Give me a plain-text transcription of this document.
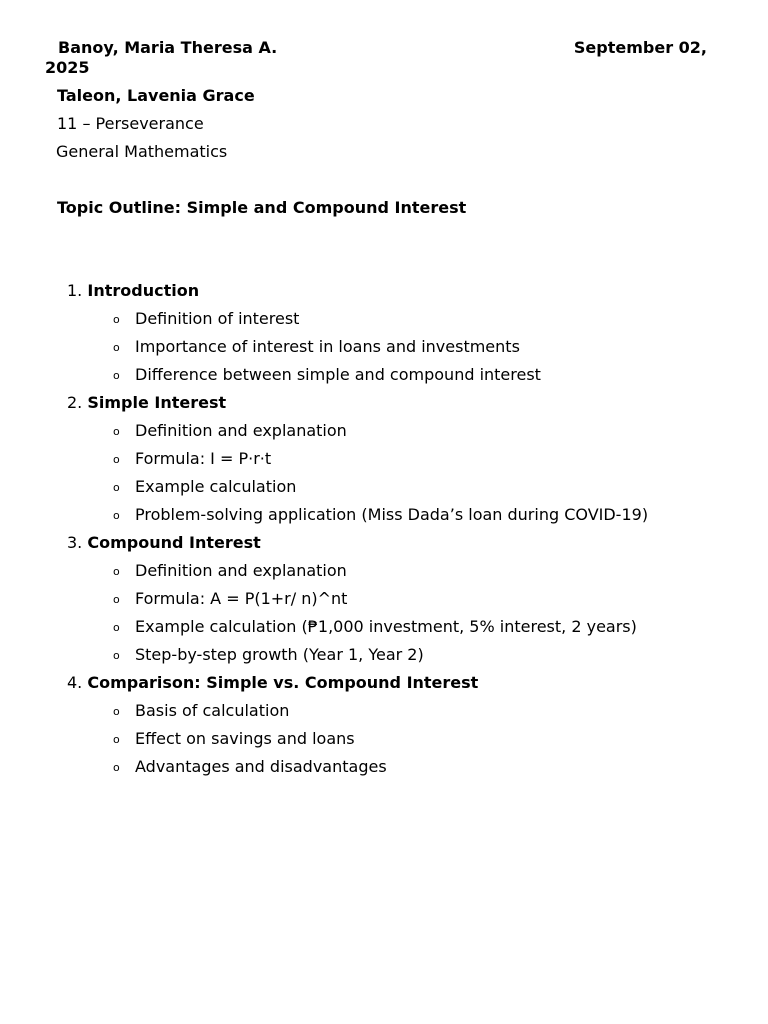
Banoy, Maria Theresa A.	September 02,
2025
Taleon, Lavenia Grace
11 – Perseverance
General Mathematics
Topic Outline: Simple and Compound Interest
1. Introduction
o Definition of interest
o Importance of interest in loans and investments
o Difference between simple and compound interest
2. Simple Interest
o Definition and explanation
o Formula: I = P·r·t
o Example calculation
o Problem-solving application (Miss Dada’s loan during COVID-19)
3. Compound Interest
o Definition and explanation
o Formula: A = P(1+r/ n)^nt
o Example calculation (₱1,000 investment, 5% interest, 2 years)
o Step-by-step growth (Year 1, Year 2)
4. Comparison: Simple vs. Compound Interest
o Basis of calculation
o Effect on savings and loans
o Advantages and disadvantages
